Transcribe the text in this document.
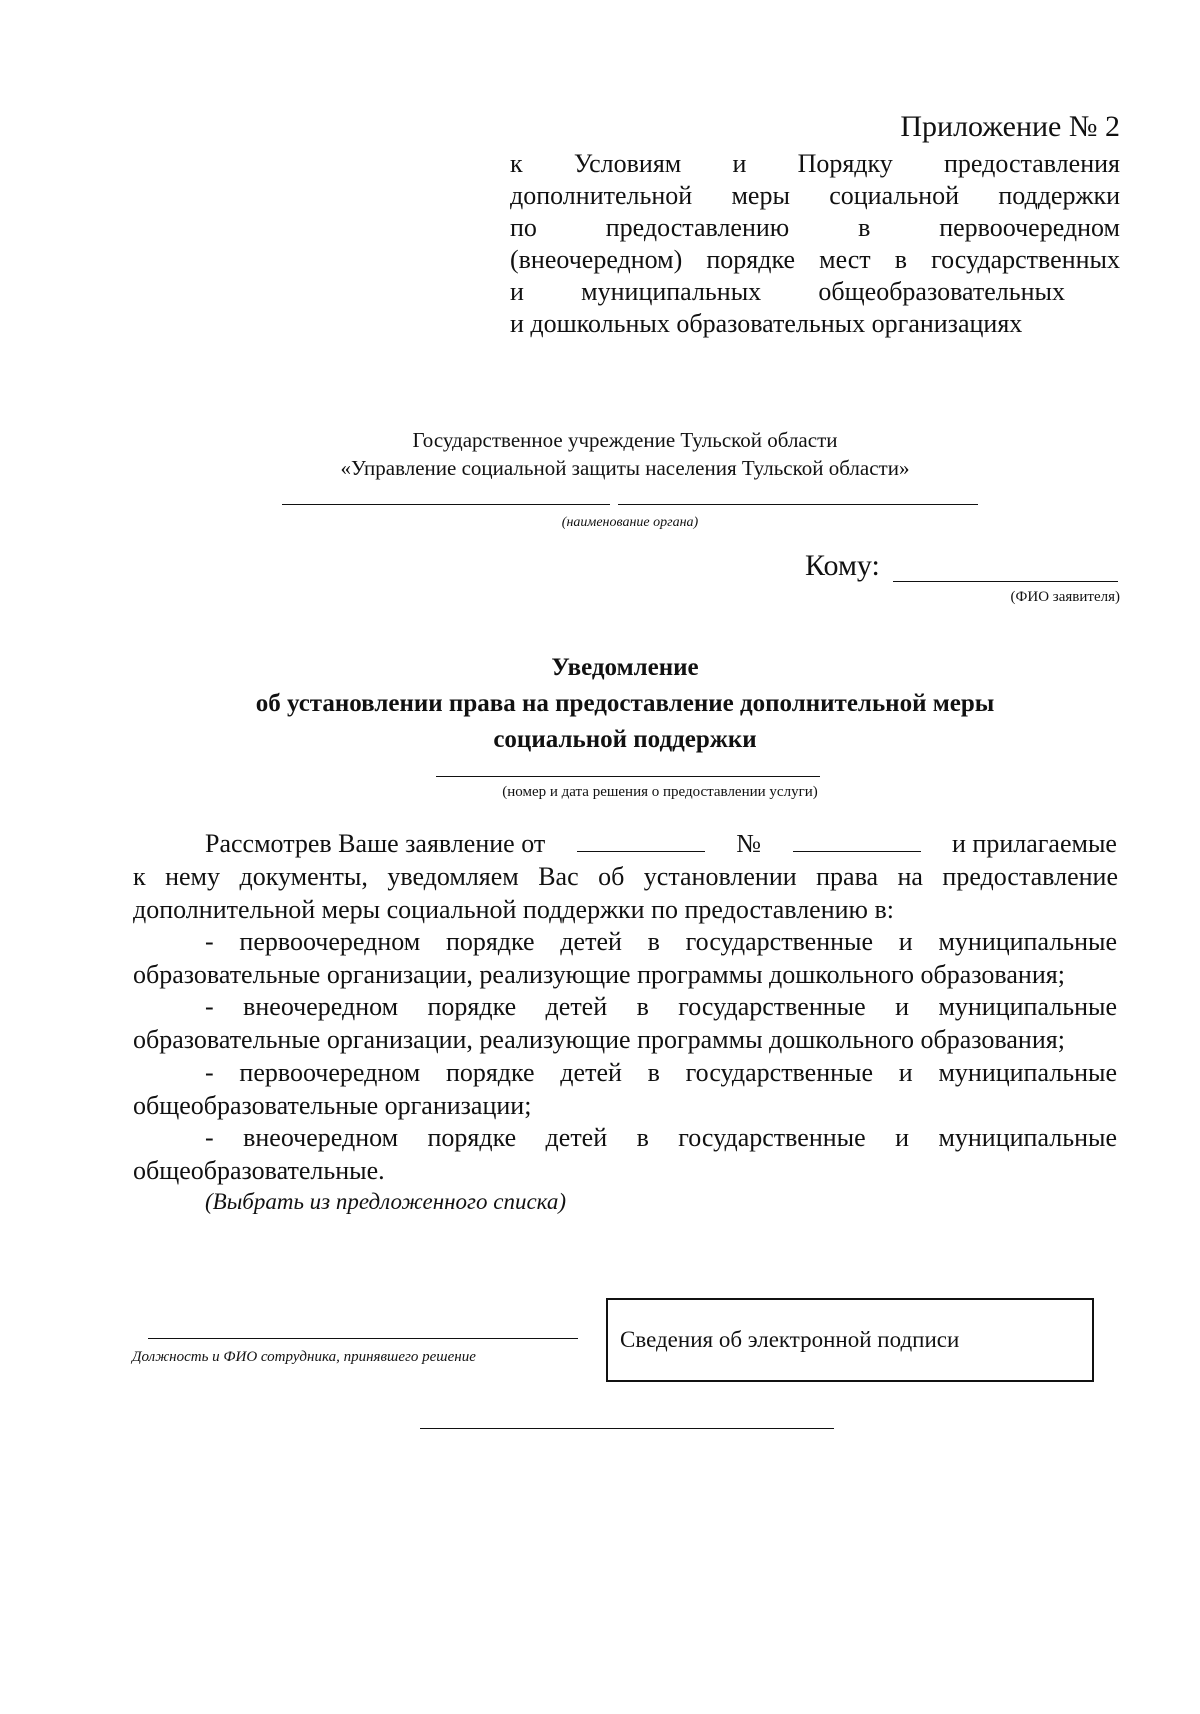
Приложение № 2
к Условиям и Порядку предоставления
дополнительной меры социальной поддержки
по предоставлению в первоочередном
(внеочередном) порядке мест в государственных
и муниципальных общеобразовательных
и дошкольных образовательных организациях
Государственное учреждение Тульской области
«Управление социальной защиты населения Тульской области»
(наименование органа)
Кому:
(ФИО заявителя)
Уведомление
об установлении права на предоставление дополнительной меры
социальной поддержки
(номер и дата решения о предоставлении услуги)
Рассмотрев Ваше заявление от	№	и прилагаемые
к нему документы, уведомляем Вас об установлении права на предоставление
дополнительной меры социальной поддержки по предоставлению в:
- первоочередном порядке детей в государственные и муниципальные
образовательные организации, реализующие программы дошкольного образования;
- внеочередном порядке детей в государственные и муниципальные
образовательные организации, реализующие программы дошкольного образования;
- первоочередном порядке детей в государственные и муниципальные
общеобразовательные организации;
- внеочередном порядке детей в государственные и муниципальные
общеобразовательные.
(Выбрать из предложенного списка)
Должность и ФИО сотрудника, принявшего решение
Сведения об электронной подписи
